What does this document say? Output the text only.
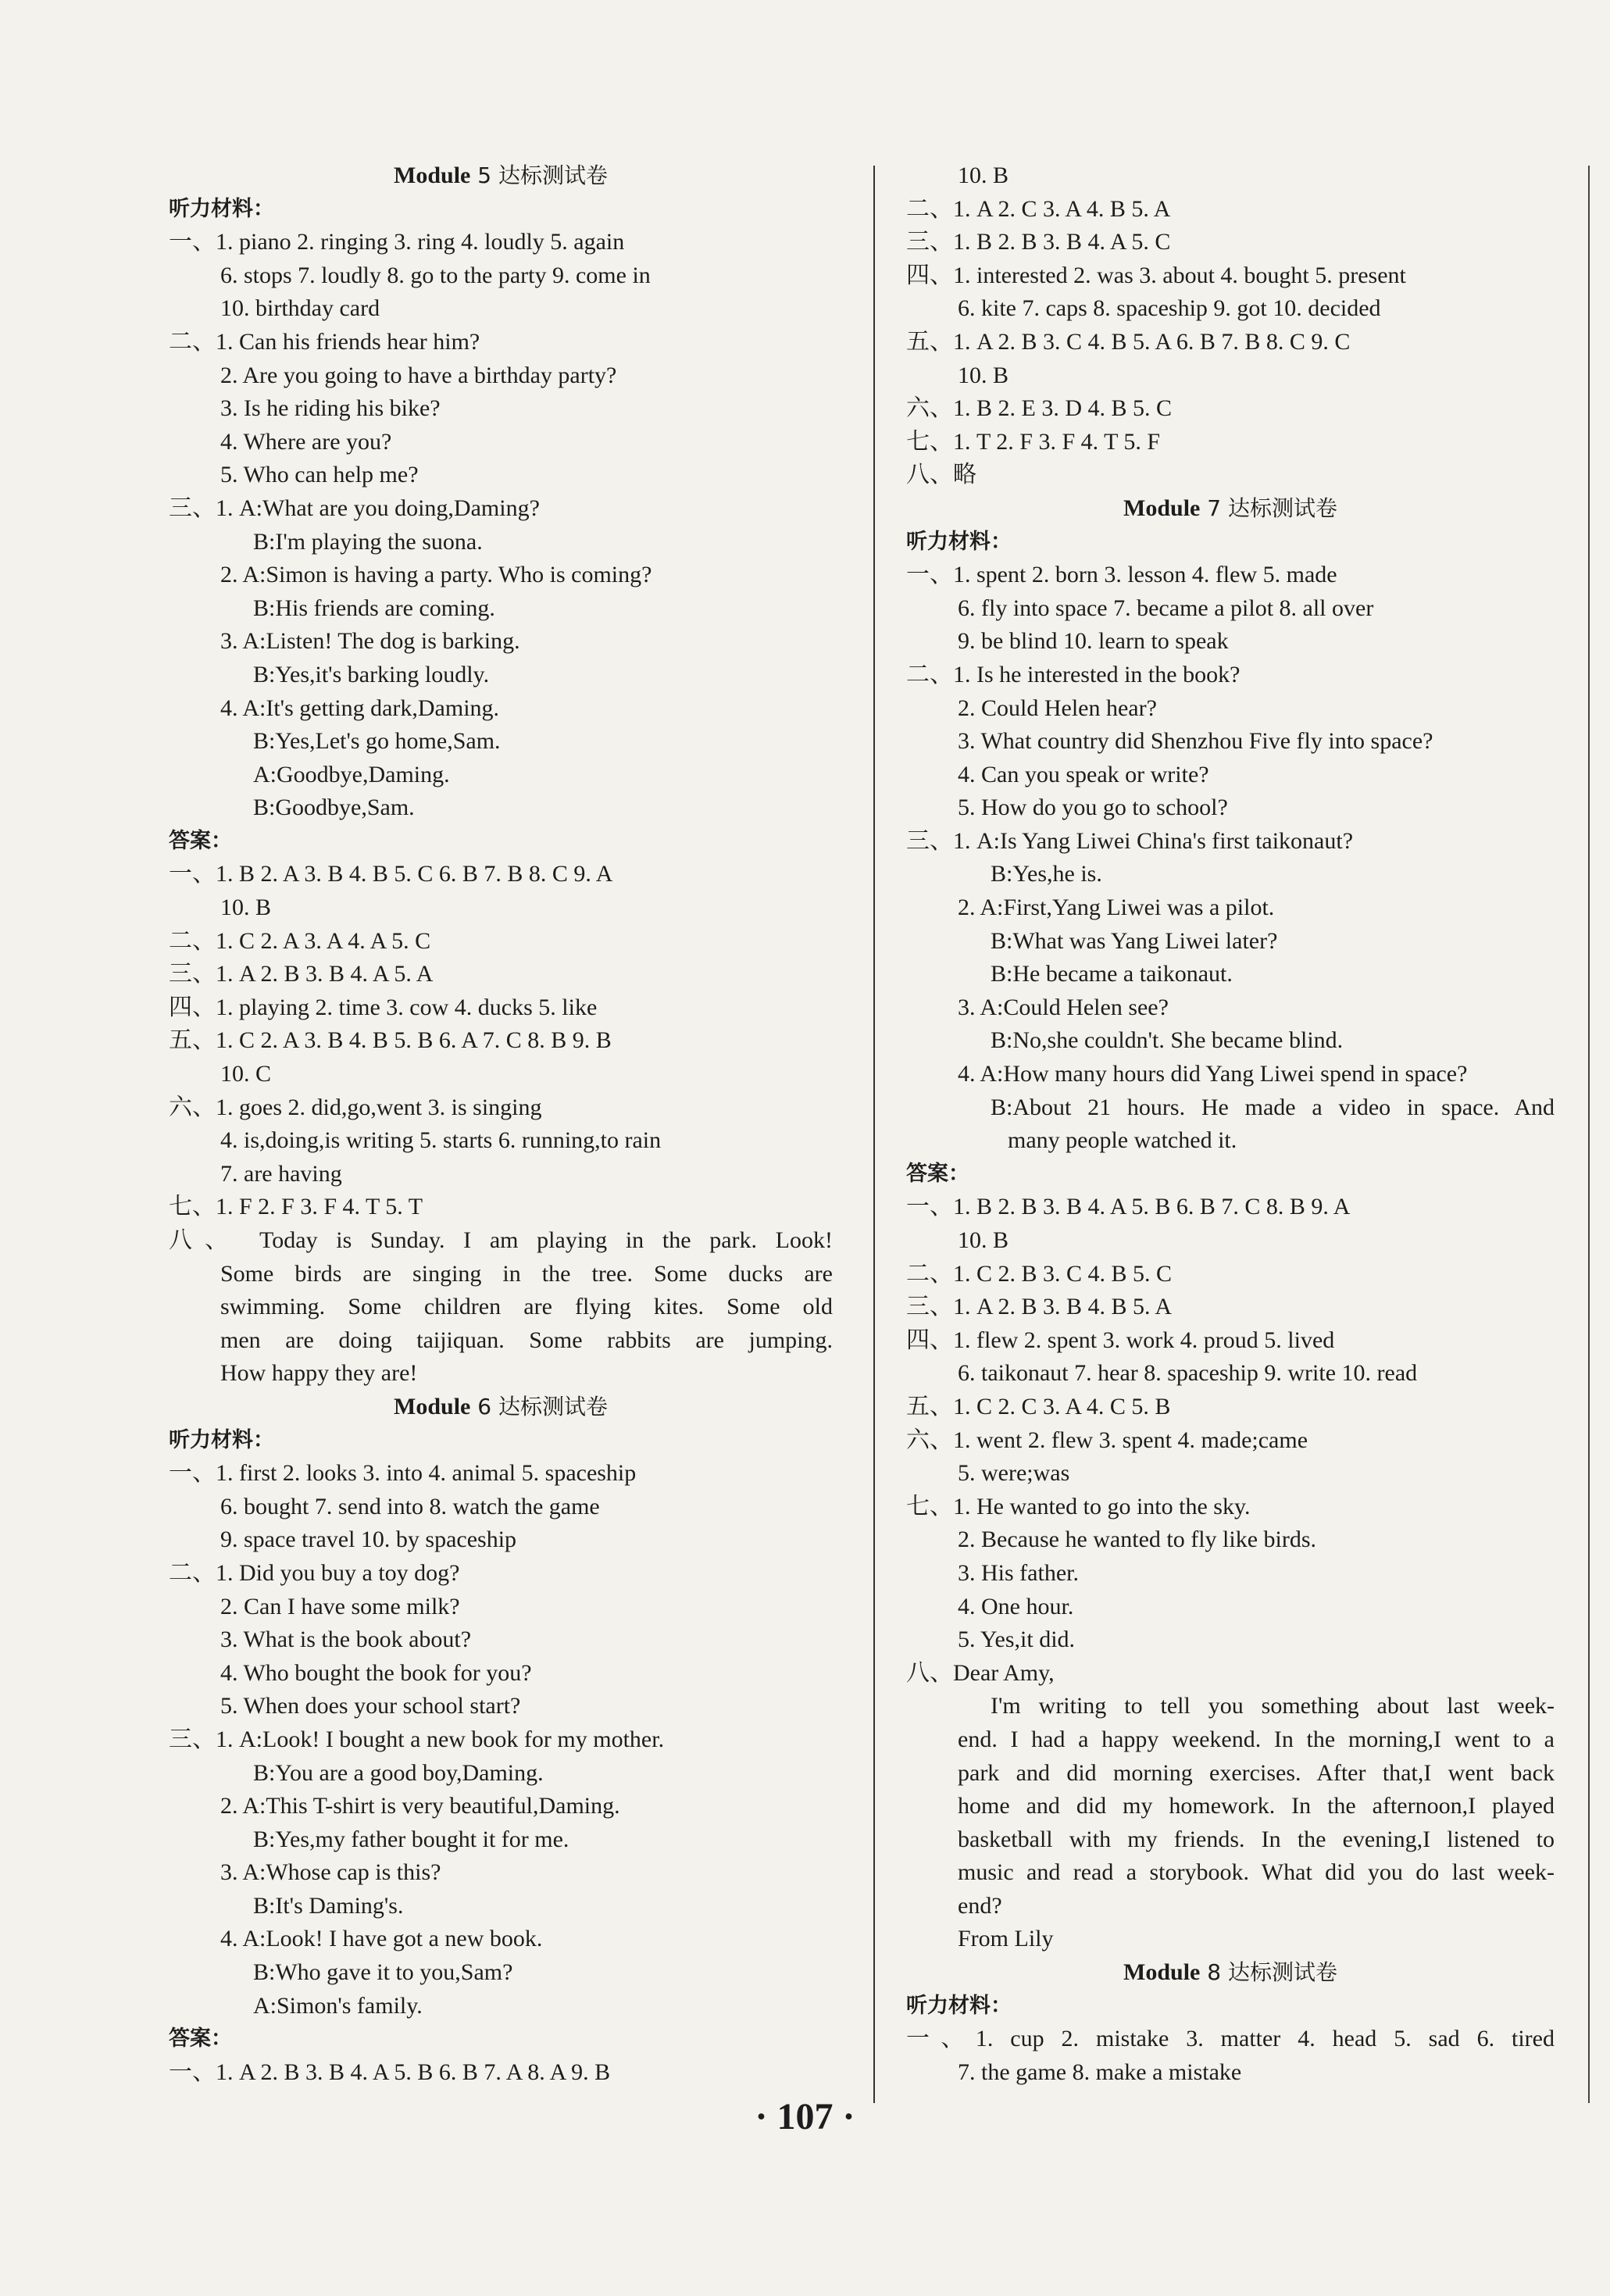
Module 5 达标测试卷
听力材料：
一、1. piano 2. ringing 3. ring 4. loudly 5. again
6. stops 7. loudly 8. go to the party 9. come in
10. birthday card
二、1. Can his friends hear him?
2. Are you going to have a birthday party?
3. Is he riding his bike?
4. Where are you?
5. Who can help me?
三、1. A:What are you doing,Daming?
B:I'm playing the suona.
2. A:Simon is having a party. Who is coming?
B:His friends are coming.
3. A:Listen! The dog is barking.
B:Yes,it's barking loudly.
4. A:It's getting dark,Daming.
B:Yes,Let's go home,Sam.
A:Goodbye,Daming.
B:Goodbye,Sam.
答案：
一、1. B 2. A 3. B 4. B 5. C 6. B 7. B 8. C 9. A
10. B
二、1. C 2. A 3. A 4. A 5. C
三、1. A 2. B 3. B 4. A 5. A
四、1. playing 2. time 3. cow 4. ducks 5. like
五、1. C 2. A 3. B 4. B 5. B 6. A 7. C 8. B 9. B
10. C
六、1. goes 2. did,go,went 3. is singing
4. is,doing,is writing 5. starts 6. running,to rain
7. are having
七、1. F 2. F 3. F 4. T 5. T
八、 Today is Sunday. I am playing in the park. Look!
Some birds are singing in the tree. Some ducks are
swimming. Some children are flying kites. Some old
men are doing taijiquan. Some rabbits are jumping.
How happy they are!
Module 6 达标测试卷
听力材料：
一、1. first 2. looks 3. into 4. animal 5. spaceship
6. bought 7. send into 8. watch the game
9. space travel 10. by spaceship
二、1. Did you buy a toy dog?
2. Can I have some milk?
3. What is the book about?
4. Who bought the book for you?
5. When does your school start?
三、1. A:Look! I bought a new book for my mother.
B:You are a good boy,Daming.
2. A:This T-shirt is very beautiful,Daming.
B:Yes,my father bought it for me.
3. A:Whose cap is this?
B:It's Daming's.
4. A:Look! I have got a new book.
B:Who gave it to you,Sam?
A:Simon's family.
答案：
一、1. A 2. B 3. B 4. A 5. B 6. B 7. A 8. A 9. B
10. B
二、1. A 2. C 3. A 4. B 5. A
三、1. B 2. B 3. B 4. A 5. C
四、1. interested 2. was 3. about 4. bought 5. present
6. kite 7. caps 8. spaceship 9. got 10. decided
五、1. A 2. B 3. C 4. B 5. A 6. B 7. B 8. C 9. C
10. B
六、1. B 2. E 3. D 4. B 5. C
七、1. T 2. F 3. F 4. T 5. F
八、略
Module 7 达标测试卷
听力材料：
一、1. spent 2. born 3. lesson 4. flew 5. made
6. fly into space 7. became a pilot 8. all over
9. be blind 10. learn to speak
二、1. Is he interested in the book?
2. Could Helen hear?
3. What country did Shenzhou Five fly into space?
4. Can you speak or write?
5. How do you go to school?
三、1. A:Is Yang Liwei China's first taikonaut?
B:Yes,he is.
2. A:First,Yang Liwei was a pilot.
B:What was Yang Liwei later?
B:He became a taikonaut.
3. A:Could Helen see?
B:No,she couldn't. She became blind.
4. A:How many hours did Yang Liwei spend in space?
B:About 21 hours. He made a video in space. And
many people watched it.
答案：
一、1. B 2. B 3. B 4. A 5. B 6. B 7. C 8. B 9. A
10. B
二、1. C 2. B 3. C 4. B 5. C
三、1. A 2. B 3. B 4. B 5. A
四、1. flew 2. spent 3. work 4. proud 5. lived
6. taikonaut 7. hear 8. spaceship 9. write 10. read
五、1. C 2. C 3. A 4. C 5. B
六、1. went 2. flew 3. spent 4. made;came
5. were;was
七、1. He wanted to go into the sky.
2. Because he wanted to fly like birds.
3. His father.
4. One hour.
5. Yes,it did.
八、Dear Amy,
I'm writing to tell you something about last week-
end. I had a happy weekend. In the morning,I went to a
park and did morning exercises. After that,I went back
home and did my homework. In the afternoon,I played
basketball with my friends. In the evening,I listened to
music and read a storybook. What did you do last week-
end?
From Lily
Module 8 达标测试卷
听力材料：
一、1. cup 2. mistake 3. matter 4. head 5. sad 6. tired
7. the game 8. make a mistake
· 107 ·
